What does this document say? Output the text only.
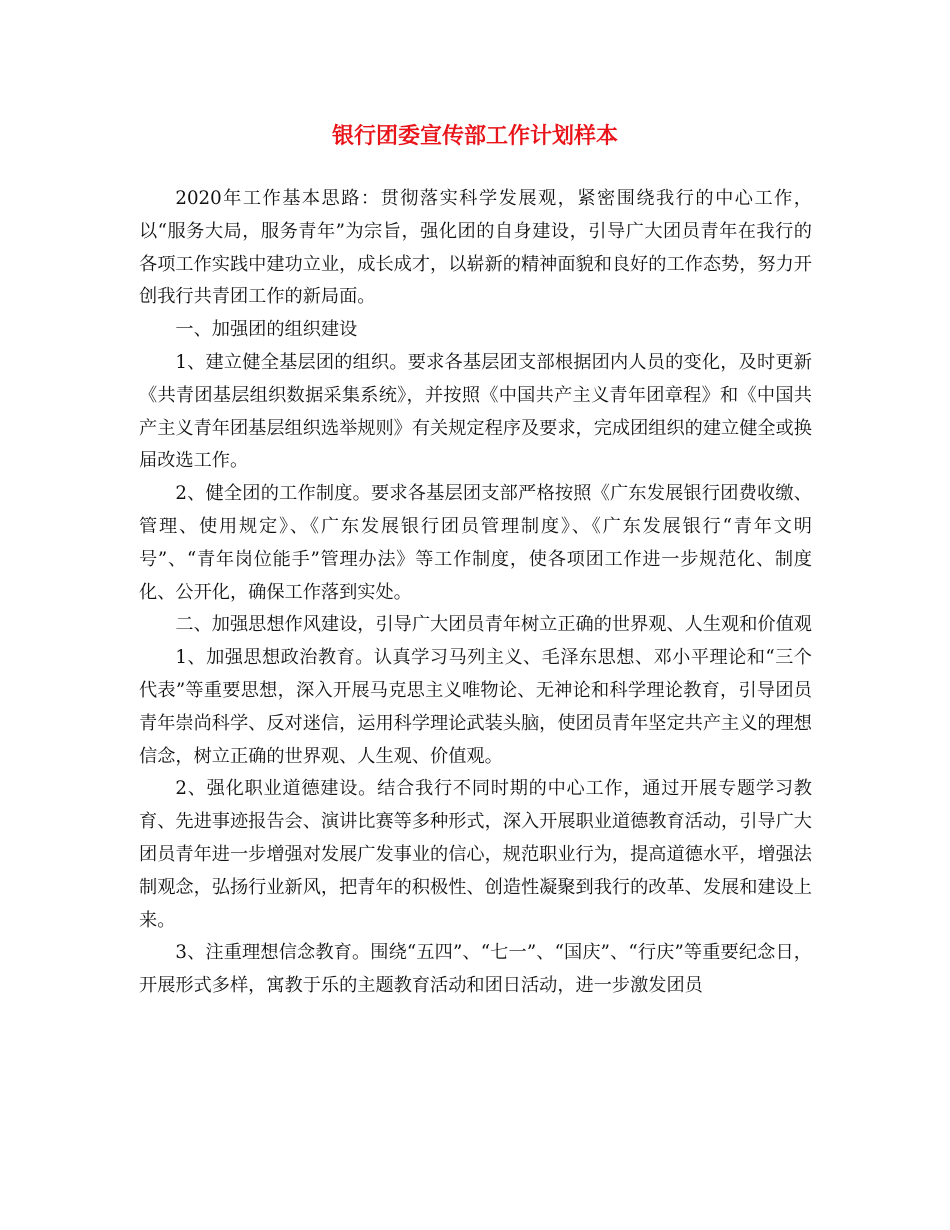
银行团委宣传部工作计划样本

2020年工作基本思路：贯彻落实科学发展观，紧密围绕我行的中心工作，以“服务大局，服务青年”为宗旨，强化团的自身建设，引导广大团员青年在我行的各项工作实践中建功立业，成长成才，以崭新的精神面貌和良好的工作态势，努力开创我行共青团工作的新局面。

一、加强团的组织建设

1、建立健全基层团的组织。要求各基层团支部根据团内人员的变化，及时更新《共青团基层组织数据采集系统》，并按照《中国共产主义青年团章程》和《中国共产主义青年团基层组织选举规则》有关规定程序及要求，完成团组织的建立健全或换届改选工作。

2、健全团的工作制度。要求各基层团支部严格按照《广东发展银行团费收缴、管理、使用规定》、《广东发展银行团员管理制度》、《广东发展银行“青年文明号”、“青年岗位能手”管理办法》等工作制度，使各项团工作进一步规范化、制度化、公开化，确保工作落到实处。

二、加强思想作风建设，引导广大团员青年树立正确的世界观、人生观和价值观

1、加强思想政治教育。认真学习马列主义、毛泽东思想、邓小平理论和“三个代表”等重要思想，深入开展马克思主义唯物论、无神论和科学理论教育，引导团员青年崇尚科学、反对迷信，运用科学理论武装头脑，使团员青年坚定共产主义的理想信念，树立正确的世界观、人生观、价值观。

2、强化职业道德建设。结合我行不同时期的中心工作，通过开展专题学习教育、先进事迹报告会、演讲比赛等多种形式，深入开展职业道德教育活动，引导广大团员青年进一步增强对发展广发事业的信心，规范职业行为，提高道德水平，增强法制观念，弘扬行业新风，把青年的积极性、创造性凝聚到我行的改革、发展和建设上来。

3、注重理想信念教育。围绕“五四”、“七一”、“国庆”、“行庆”等重要纪念日，开展形式多样，寓教于乐的主题教育活动和团日活动，进一步激发团员
